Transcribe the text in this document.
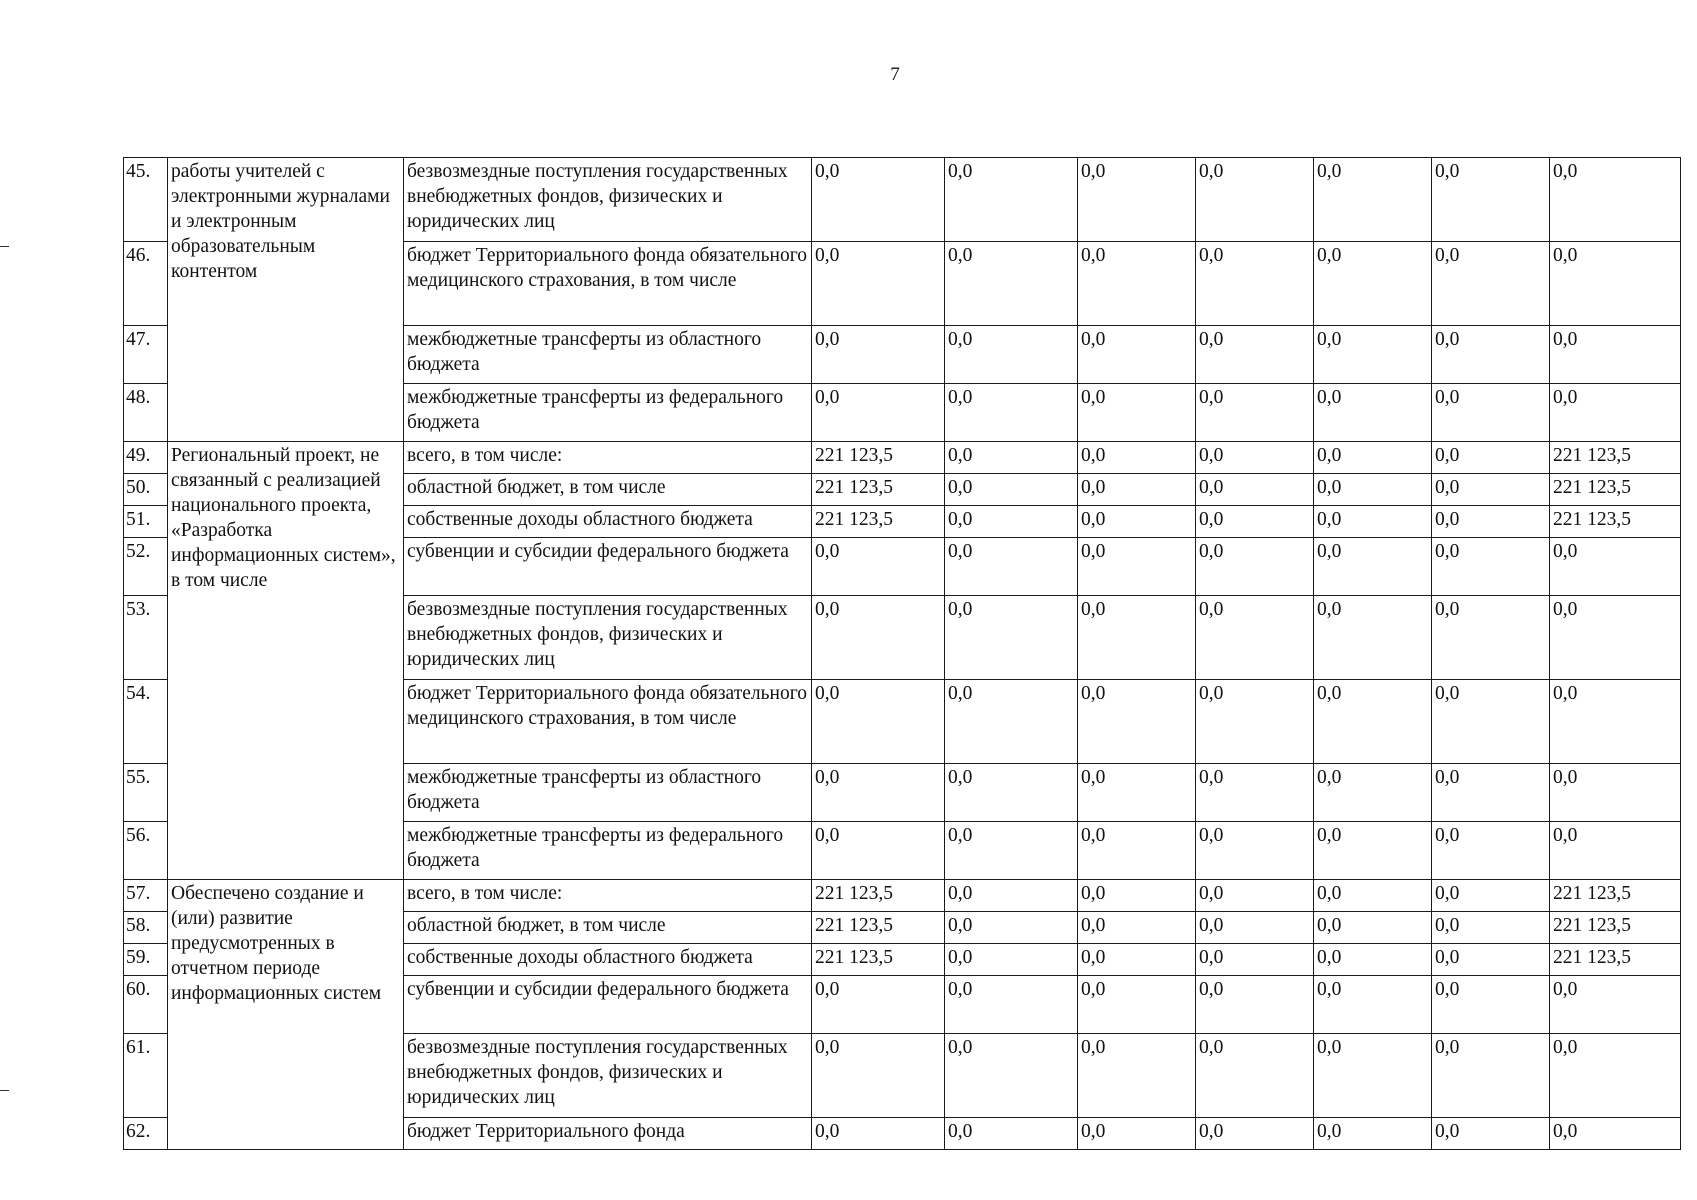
7
45.	работы учителей с электронными журналами и электронным образовательным контентом	безвозмездные поступления государственных внебюджетных фондов, физических и юридических лиц	0,0	0,0	0,0	0,0	0,0	0,0	0,0
46.		бюджет Территориального фонда обязательного медицинского страхования, в том числе	0,0	0,0	0,0	0,0	0,0	0,0	0,0
47.		межбюджетные трансферты из областного бюджета	0,0	0,0	0,0	0,0	0,0	0,0	0,0
48.		межбюджетные трансферты из федерального бюджета	0,0	0,0	0,0	0,0	0,0	0,0	0,0
49.	Региональный проект, не связанный с реализацией национального проекта, «Разработка информационных систем», в том числе	всего, в том числе:	221 123,5	0,0	0,0	0,0	0,0	0,0	221 123,5
50.		областной бюджет, в том числе	221 123,5	0,0	0,0	0,0	0,0	0,0	221 123,5
51.		собственные доходы областного бюджета	221 123,5	0,0	0,0	0,0	0,0	0,0	221 123,5
52.		субвенции и субсидии федерального бюджета	0,0	0,0	0,0	0,0	0,0	0,0	0,0
53.		безвозмездные поступления государственных внебюджетных фондов, физических и юридических лиц	0,0	0,0	0,0	0,0	0,0	0,0	0,0
54.		бюджет Территориального фонда обязательного медицинского страхования, в том числе	0,0	0,0	0,0	0,0	0,0	0,0	0,0
55.		межбюджетные трансферты из областного бюджета	0,0	0,0	0,0	0,0	0,0	0,0	0,0
56.		межбюджетные трансферты из федерального бюджета	0,0	0,0	0,0	0,0	0,0	0,0	0,0
57.	Обеспечено создание и (или) развитие предусмотренных в отчетном периоде информационных систем	всего, в том числе:	221 123,5	0,0	0,0	0,0	0,0	0,0	221 123,5
58.		областной бюджет, в том числе	221 123,5	0,0	0,0	0,0	0,0	0,0	221 123,5
59.		собственные доходы областного бюджета	221 123,5	0,0	0,0	0,0	0,0	0,0	221 123,5
60.		субвенции и субсидии федерального бюджета	0,0	0,0	0,0	0,0	0,0	0,0	0,0
61.		безвозмездные поступления государственных внебюджетных фондов, физических и юридических лиц	0,0	0,0	0,0	0,0	0,0	0,0	0,0
62.		бюджет Территориального фонда	0,0	0,0	0,0	0,0	0,0	0,0	0,0
